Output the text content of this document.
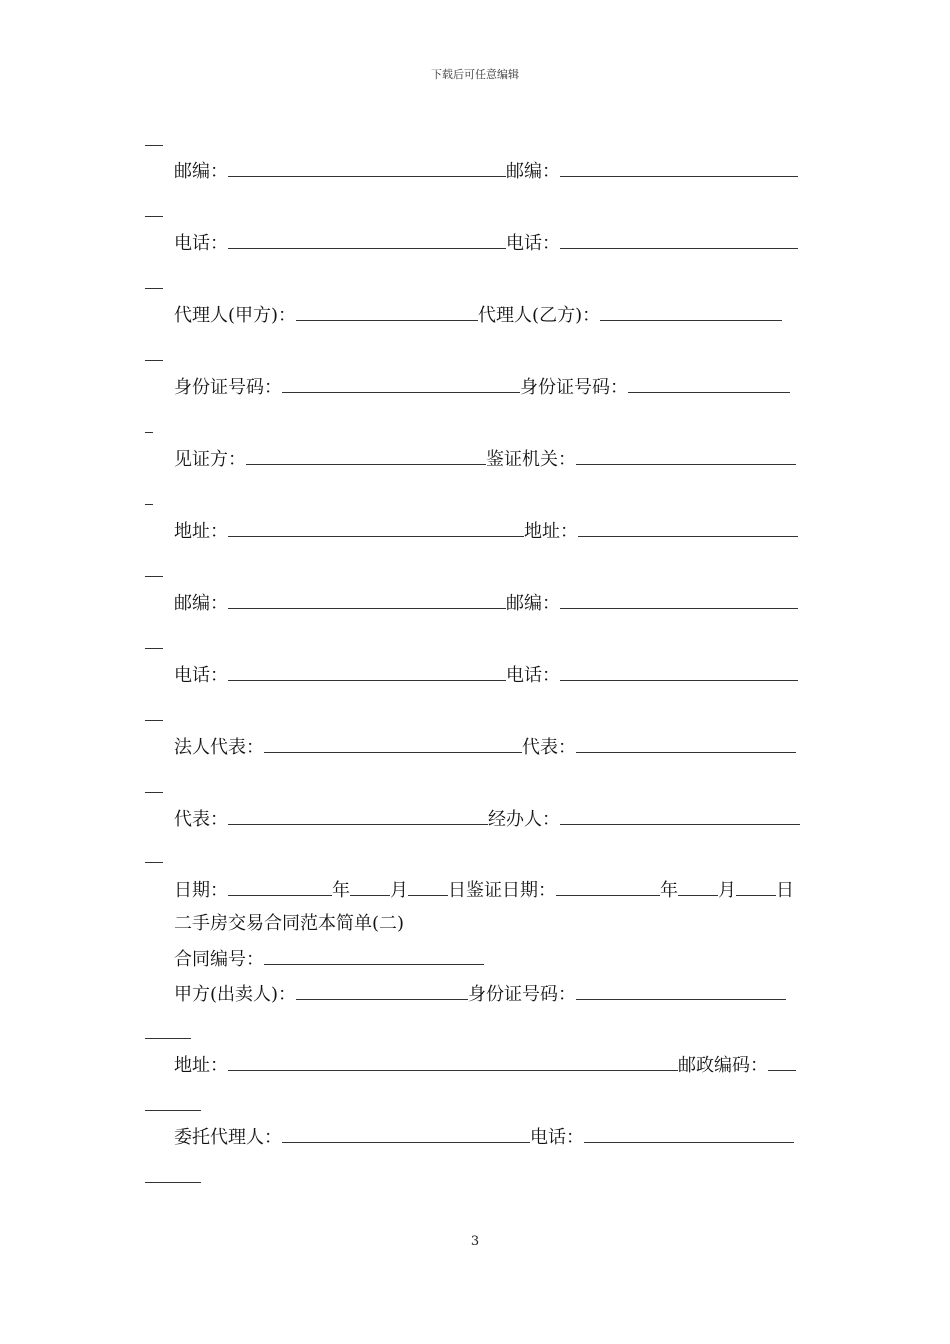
下载后可任意编辑
邮编：	邮编：
电话：	电话：
代理人(甲方)：	代理人(乙方)：
身份证号码：	身份证号码：
见证方：	鉴证机关：
地址：	地址：
邮编：	邮编：
电话：	电话：
法人代表：	代表：
代表：	经办人：
日期：	年 月 日鉴证日期：	年 月 日
二手房交易合同范本简单(二)
合同编号：
甲方(出卖人)：	身份证号码：
地址：	邮政编码：
委托代理人：	电话：
3
